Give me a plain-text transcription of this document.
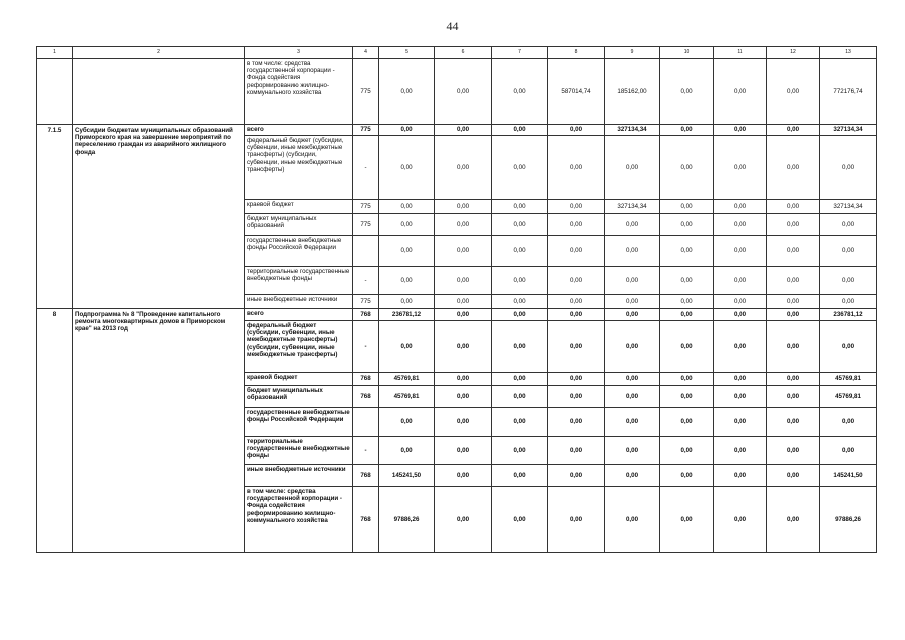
44
1	2	3	4	5	6	7	8	9	10	11	12	13
		в том числе: средства государственной корпорации - Фонда содействия реформированию жилищно-коммунального хозяйства	775	0,00	0,00	0,00	587014,74	185162,00	0,00	0,00	0,00	772176,74
7.1.5	Субсидии бюджетам муниципальных образований Приморского края на завершение мероприятий по переселению граждан из аварийного жилищного фонда	всего	775	0,00	0,00	0,00	0,00	327134,34	0,00	0,00	0,00	327134,34
		федеральный бюджет (субсидии, субвенции, иные межбюджетные трансферты) (субсидии, субвенции, иные межбюджетные трансферты)	-	0,00	0,00	0,00	0,00	0,00	0,00	0,00	0,00	0,00
		краевой бюджет	775	0,00	0,00	0,00	0,00	327134,34	0,00	0,00	0,00	327134,34
		бюджет муниципальных образований	775	0,00	0,00	0,00	0,00	0,00	0,00	0,00	0,00	0,00
		государственные внебюджетные фонды Российской Федерации		0,00	0,00	0,00	0,00	0,00	0,00	0,00	0,00	0,00
		территориальные государственные внебюджетные фонды	-	0,00	0,00	0,00	0,00	0,00	0,00	0,00	0,00	0,00
		иные внебюджетные источники	775	0,00	0,00	0,00	0,00	0,00	0,00	0,00	0,00	0,00
8	Подпрограмма № 8 "Проведение капитального ремонта многоквартирных домов в Приморском крае" на 2013 год	всего	768	236781,12	0,00	0,00	0,00	0,00	0,00	0,00	0,00	236781,12
		федеральный бюджет (субсидии, субвенции, иные межбюджетные трансферты) (субсидии, субвенции, иные межбюджетные трансферты)	-	0,00	0,00	0,00	0,00	0,00	0,00	0,00	0,00	0,00
		краевой бюджет	768	45769,81	0,00	0,00	0,00	0,00	0,00	0,00	0,00	45769,81
		бюджет муниципальных образований	768	45769,81	0,00	0,00	0,00	0,00	0,00	0,00	0,00	45769,81
		государственные внебюджетные фонды Российской Федерации		0,00	0,00	0,00	0,00	0,00	0,00	0,00	0,00	0,00
		территориальные государственные внебюджетные фонды	-	0,00	0,00	0,00	0,00	0,00	0,00	0,00	0,00	0,00
		иные внебюджетные источники	768	145241,50	0,00	0,00	0,00	0,00	0,00	0,00	0,00	145241,50
		в том числе: средства государственной корпорации - Фонда содействия реформированию жилищно-коммунального хозяйства	768	97886,26	0,00	0,00	0,00	0,00	0,00	0,00	0,00	97886,26
